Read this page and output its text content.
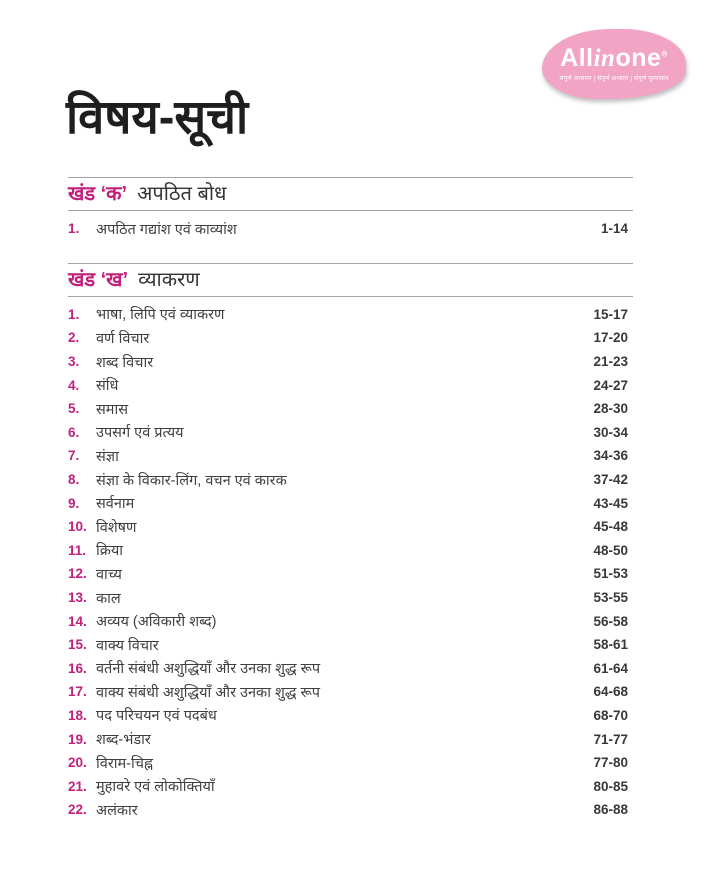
Allinone®
संपूर्ण अध्ययन | संपूर्ण अभ्यास | संपूर्ण मूल्यांकन
विषय-सूची
खंड ‘क’ अपठित बोध
1.	अपठित गद्यांश एवं काव्यांश	1-14
खंड ‘ख’ व्याकरण
1.	भाषा, लिपि एवं व्याकरण	15-17
2.	वर्ण विचार	17-20
3.	शब्द विचार	21-23
4.	संधि	24-27
5.	समास	28-30
6.	उपसर्ग एवं प्रत्यय	30-34
7.	संज्ञा	34-36
8.	संज्ञा के विकार-लिंग, वचन एवं कारक	37-42
9.	सर्वनाम	43-45
10. विशेषण	45-48
11. क्रिया	48-50
12. वाच्य	51-53
13. काल	53-55
14. अव्यय (अविकारी शब्द)	56-58
15. वाक्य विचार	58-61
16. वर्तनी संबंधी अशुद्धियाँ और उनका शुद्ध रूप	61-64
17. वाक्य संबंधी अशुद्धियाँ और उनका शुद्ध रूप	64-68
18. पद परिचयन एवं पदबंध	68-70
19. शब्द-भंडार	71-77
20. विराम-चिह्न	77-80
21. मुहावरे एवं लोकोक्तियाँ	80-85
22. अलंकार	86-88
